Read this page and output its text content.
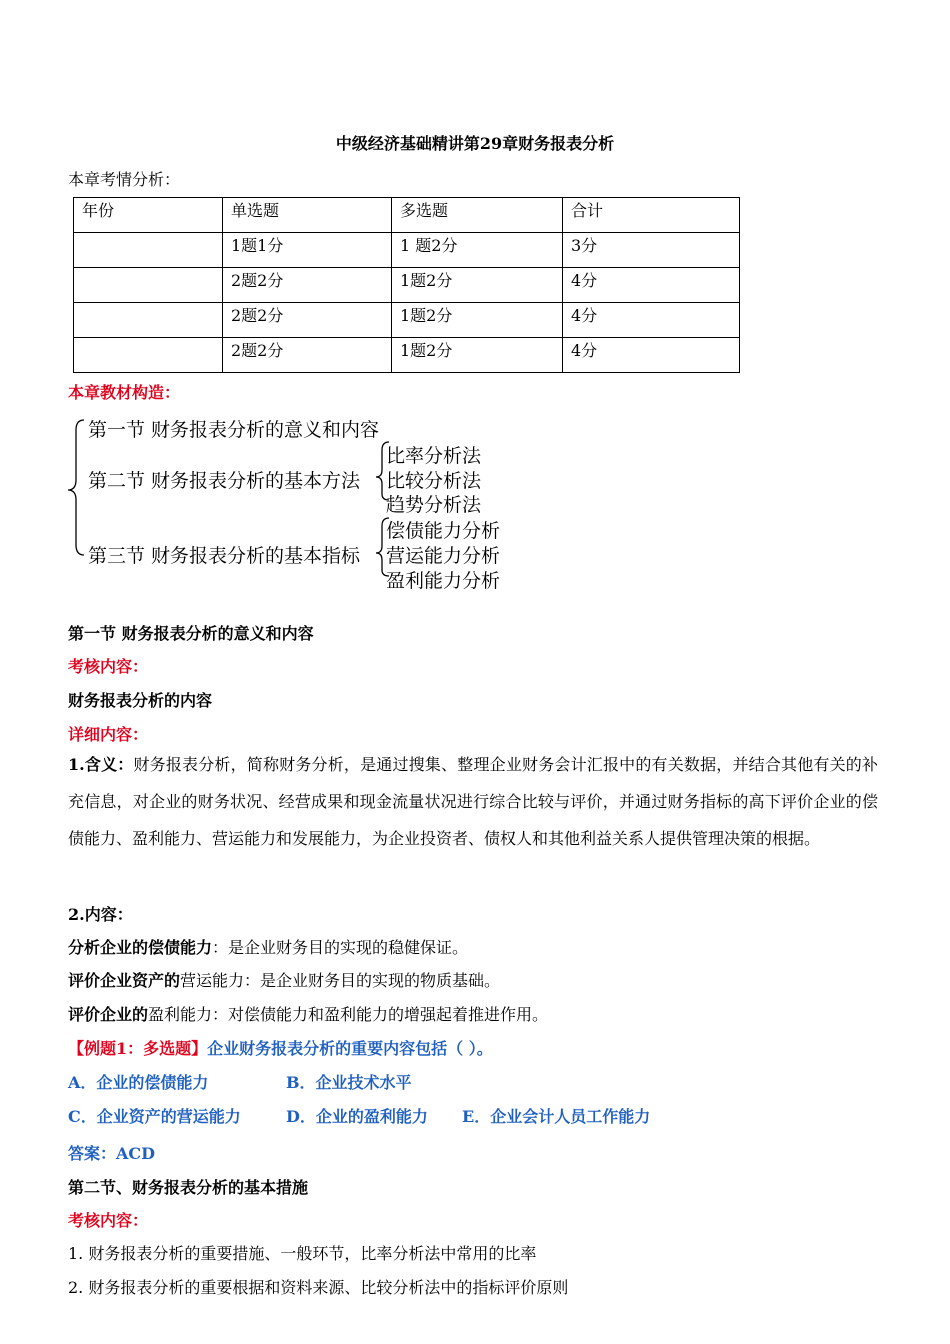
中级经济基础精讲第29章财务报表分析
本章考情分析：
年份	单选题	多选题	合计
	1题1分	1 题2分	3分
	2题2分	1题2分	4分
	2题2分	1题2分	4分
	2题2分	1题2分	4分
本章教材构造：
第一节 财务报表分析的意义和内容
第二节 财务报表分析的基本方法
第三节 财务报表分析的基本指标
比率分析法
比较分析法
趋势分析法
偿债能力分析
营运能力分析
盈利能力分析
第一节 财务报表分析的意义和内容
考核内容：
财务报表分析的内容
详细内容：
1.含义：财务报表分析，简称财务分析，是通过搜集、整理企业财务会计汇报中的有关数据，并结合其他有关的补充信息，对企业的财务状况、经营成果和现金流量状况进行综合比较与评价，并通过财务指标的高下评价企业的偿债能力、盈利能力、营运能力和发展能力，为企业投资者、债权人和其他利益关系人提供管理决策的根据。
2.内容：
分析企业的偿债能力：是企业财务目的实现的稳健保证。
评价企业资产的营运能力：是企业财务目的实现的物质基础。
评价企业的盈利能力：对偿债能力和盈利能力的增强起着推进作用。
【例题1：多选题】企业财务报表分析的重要内容包括（ ）。
A．企业的偿债能力	B．企业技术水平
C．企业资产的营运能力	D．企业的盈利能力 E．企业会计人员工作能力
答案：ACD
第二节、财务报表分析的基本措施
考核内容：
1. 财务报表分析的重要措施、一般环节，比率分析法中常用的比率
2. 财务报表分析的重要根据和资料来源、比较分析法中的指标评价原则
